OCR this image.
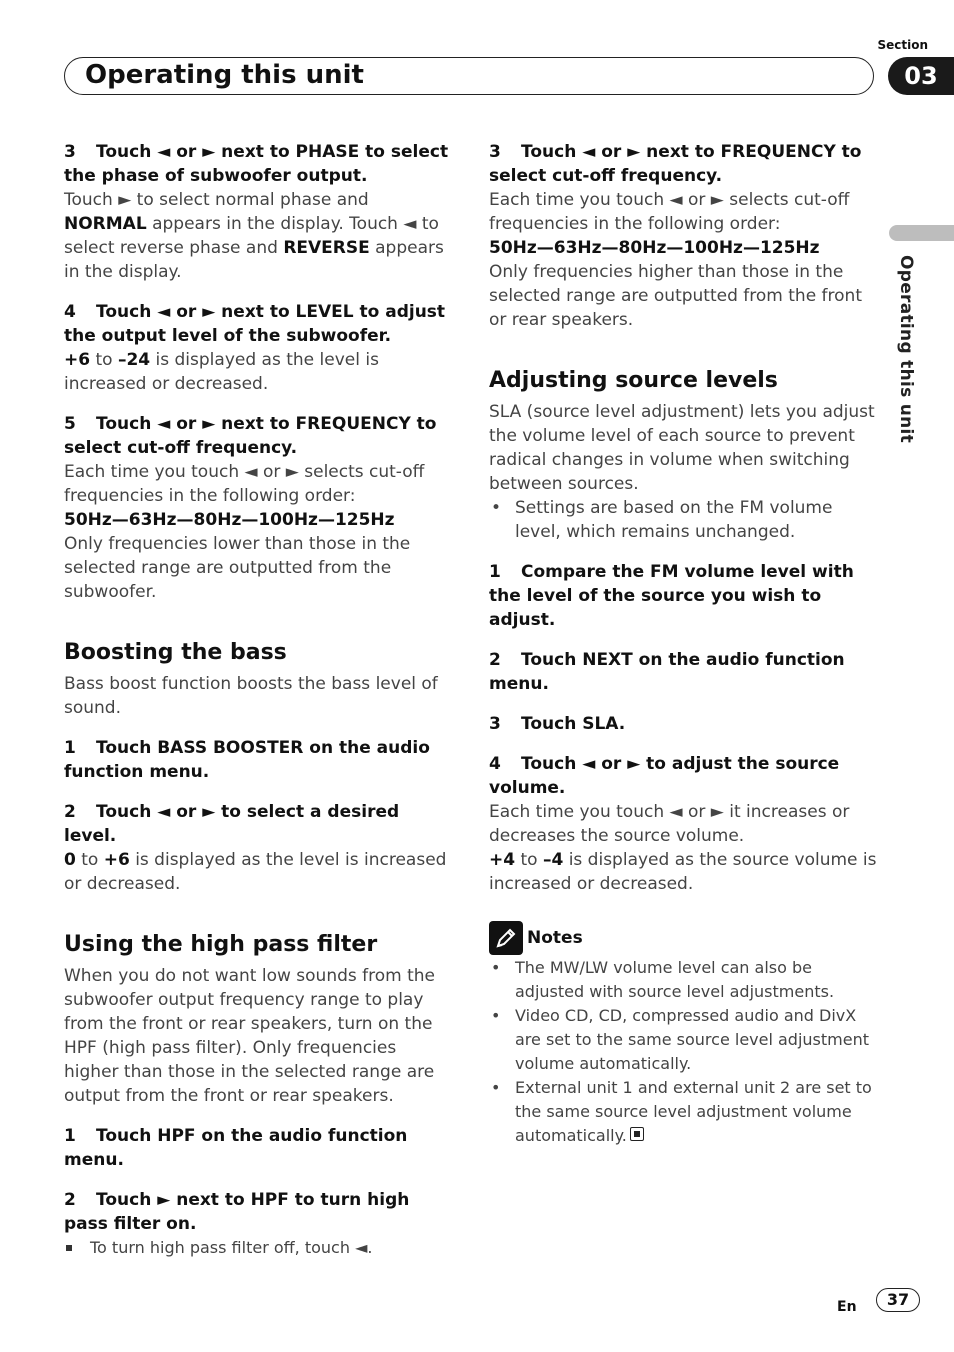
Section
Operating this unit	03
Operating this unit
3 Touch ◄ or ► next to PHASE to select the phase of subwoofer output.

Touch ► to select normal phase and NORMAL appears in the display. Touch ◄ to select reverse phase and REVERSE appears in the display.

4 Touch ◄ or ► next to LEVEL to adjust the output level of the subwoofer.

+6 to –24 is displayed as the level is increased or decreased.

5 Touch ◄ or ► next to FREQUENCY to select cut-off frequency.

Each time you touch ◄ or ► selects cut-off frequencies in the following order:

50Hz—63Hz—80Hz—100Hz—125Hz

Only frequencies lower than those in the selected range are outputted from the subwoofer.

Boosting the bass

Bass boost function boosts the bass level of sound.

1 Touch BASS BOOSTER on the audio function menu.
2 Touch ◄ or ► to select a desired level.

0 to +6 is displayed as the level is increased or decreased.

Using the high pass filter

When you do not want low sounds from the subwoofer output frequency range to play from the front or rear speakers, turn on the HPF (high pass filter). Only frequencies higher than those in the selected range are output from the front or rear speakers.

1 Touch HPF on the audio function menu.
2 Touch ► next to HPF to turn high pass filter on.
To turn high pass filter off, touch ◄.
3 Touch ◄ or ► next to FREQUENCY to select cut-off frequency.

Each time you touch ◄ or ► selects cut-off frequencies in the following order:

50Hz—63Hz—80Hz—100Hz—125Hz

Only frequencies higher than those in the selected range are outputted from the front or rear speakers.

Adjusting source levels

SLA (source level adjustment) lets you adjust the volume level of each source to prevent radical changes in volume when switching between sources.

• Settings are based on the FM volume level, which remains unchanged.
1 Compare the FM volume level with the level of the source you wish to adjust.
2 Touch NEXT on the audio function menu.
3 Touch SLA.
4 Touch ◄ or ► to adjust the source volume.

Each time you touch ◄ or ► it increases or decreases the source volume.

+4 to –4 is displayed as the source volume is increased or decreased.

Notes
• The MW/LW volume level can also be adjusted with source level adjustments.
• Video CD, CD, compressed audio and DivX are set to the same source level adjustment volume automatically.
• External unit 1 and external unit 2 are set to the same source level adjustment volume automatically.
En	37
